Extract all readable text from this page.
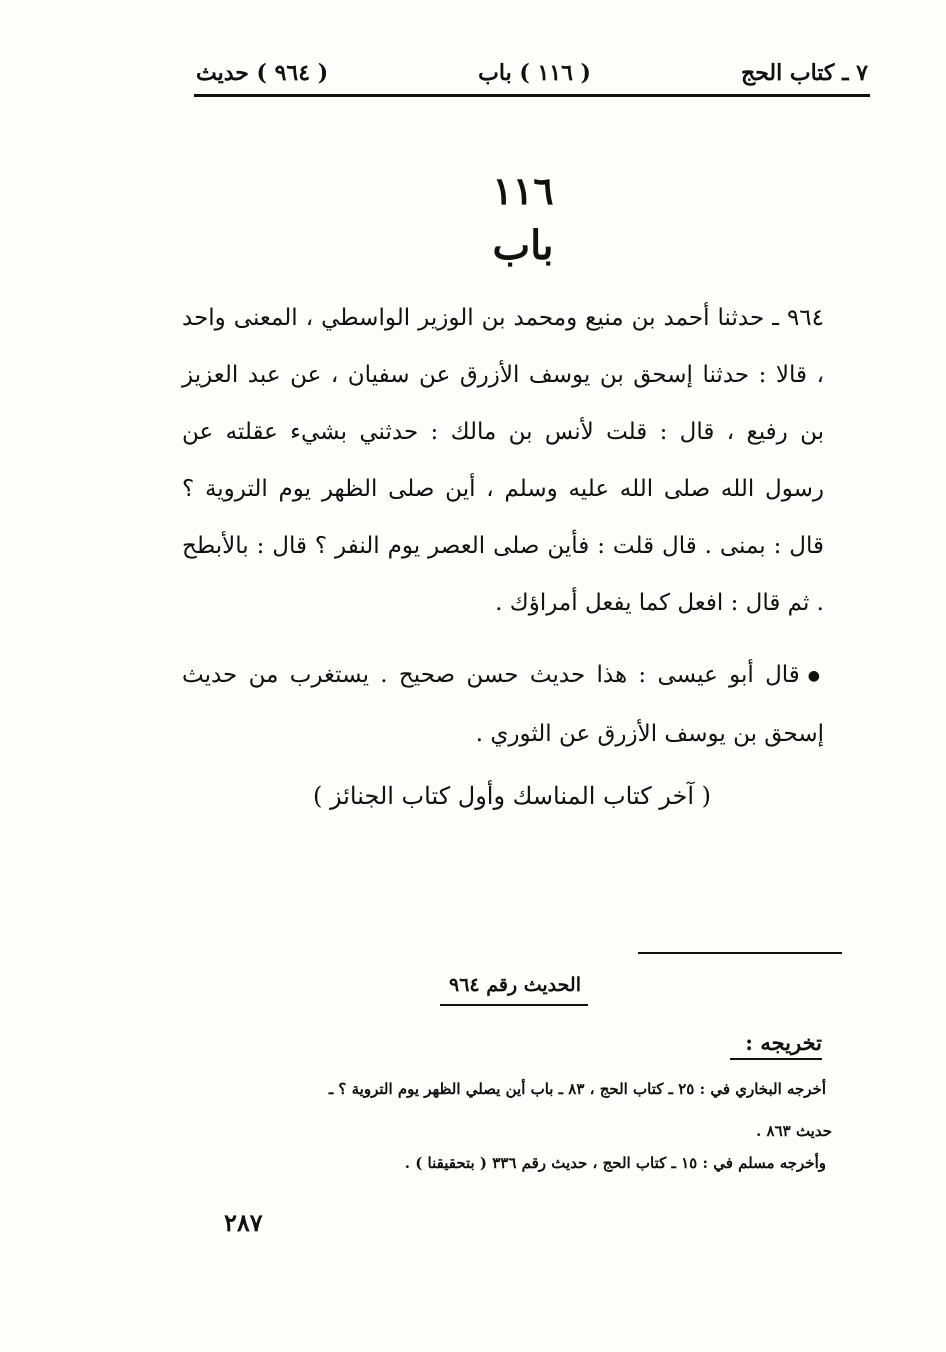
٧ ـ كتاب الحج
( ١١٦ ) باب
( ٩٦٤ ) حديث
١١٦
باب
٩٦٤ ـ حدثنا أحمد بن منيع ومحمد بن الوزير الواسطي ، المعنى واحد ، قالا : حدثنا إسحق بن يوسف الأزرق عن سفيان ، عن عبد العزيز بن رفيع ، قال : قلت لأنس بن مالك : حدثني بشيء عقلته عن رسول الله صلى الله عليه وسلم ، أين صلى الظهر يوم التروية ؟ قال : بمنى . قال قلت : فأين صلى العصر يوم النفر ؟ قال : بالأبطح . ثم قال : افعل كما يفعل أمراؤك .
●قال أبو عيسى : هذا حديث حسن صحيح . يستغرب من حديث إسحق بن يوسف الأزرق عن الثوري .
( آخر كتاب المناسك وأول كتاب الجنائز )
الحديث رقم ٩٦٤
تخريجه :
أخرجه البخاري في : ٢٥ ـ كتاب الحج ، ٨٣ ـ باب أين يصلي الظهر يوم التروية ؟ ـ
حديث ٨٦٣ .
وأخرجه مسلم في : ١٥ ـ كتاب الحج ، حديث رقم ٣٣٦ ( بتحقيقنا ) .
٢٨٧
